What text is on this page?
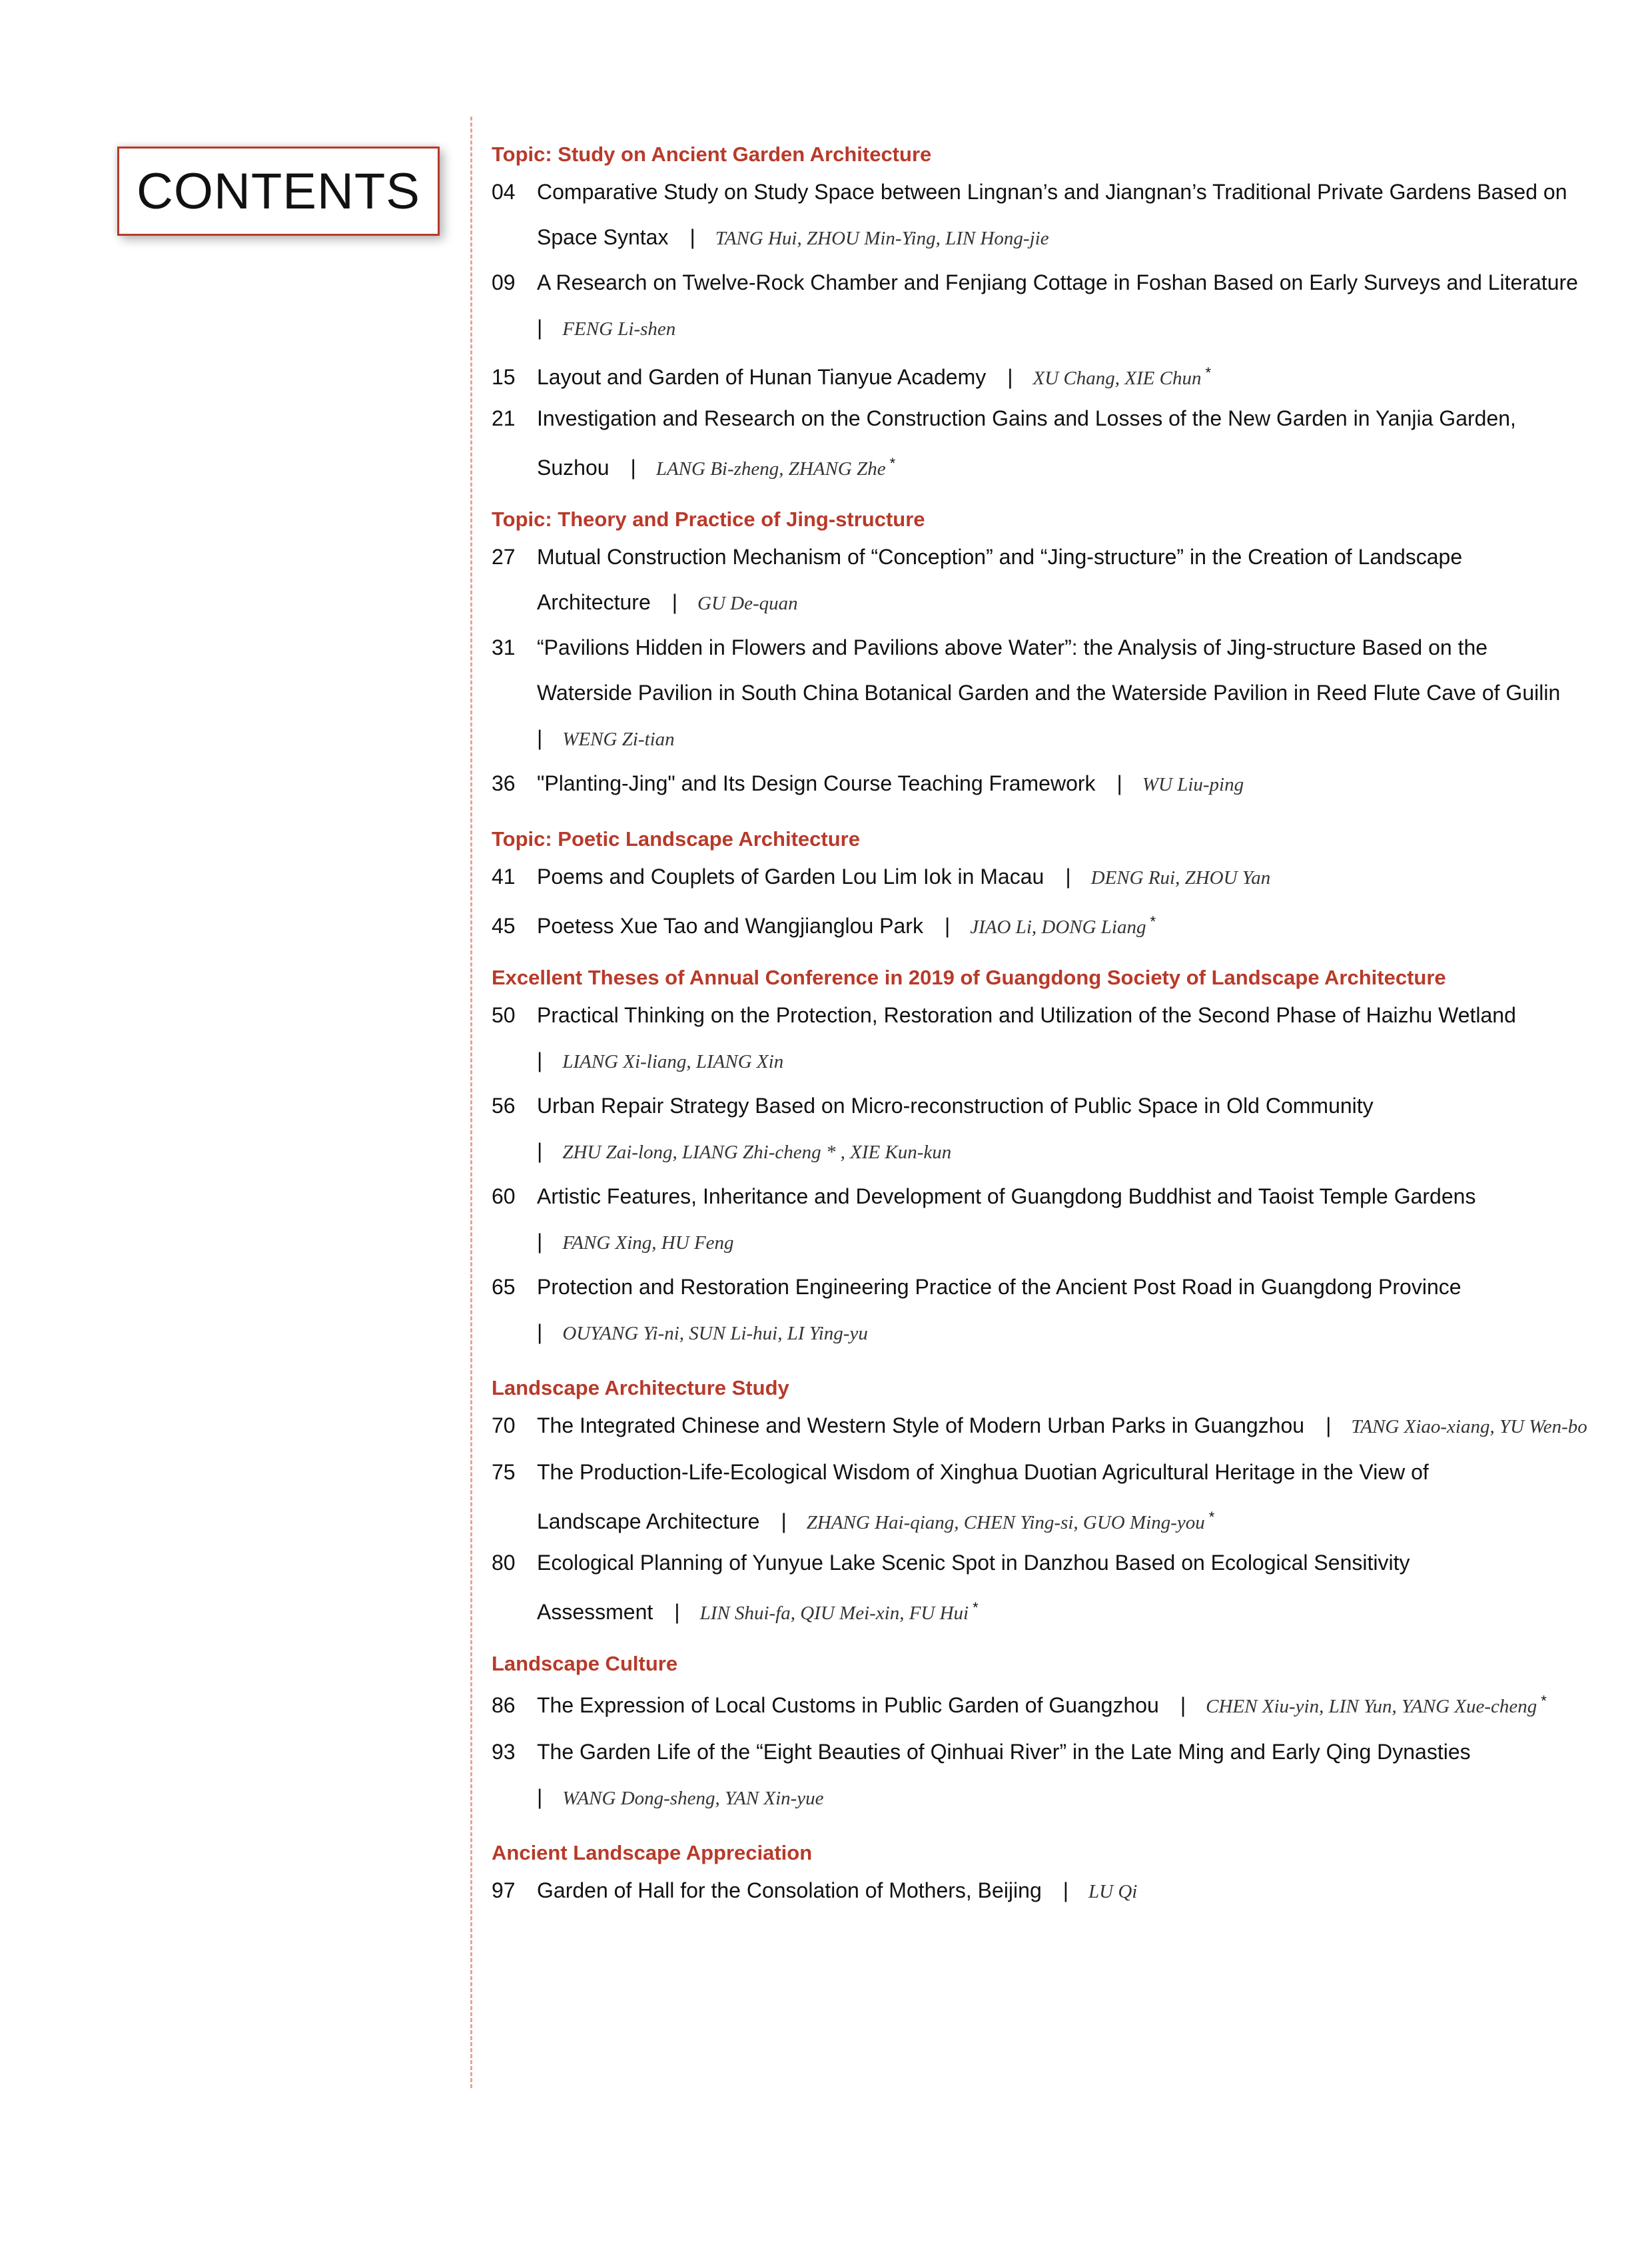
CONTENTS
Topic: Study on Ancient Garden Architecture
04 Comparative Study on Study Space between Lingnan’s and Jiangnan’s Traditional Private Gardens Based on
Space Syntax | TANG Hui, ZHOU Min-Ying, LIN Hong-jie
09 A Research on Twelve-Rock Chamber and Fenjiang Cottage in Foshan Based on Early Surveys and Literature
| FENG Li-shen
15 Layout and Garden of Hunan Tianyue Academy | XU Chang, XIE Chun *
21 Investigation and Research on the Construction Gains and Losses of the New Garden in Yanjia Garden,
Suzhou | LANG Bi-zheng, ZHANG Zhe *
Topic: Theory and Practice of Jing-structure
27 Mutual Construction Mechanism of “Conception” and “Jing-structure” in the Creation of Landscape
Architecture | GU De-quan
31 “Pavilions Hidden in Flowers and Pavilions above Water”: the Analysis of Jing-structure Based on the
Waterside Pavilion in South China Botanical Garden and the Waterside Pavilion in Reed Flute Cave of Guilin
| WENG Zi-tian
36 "Planting-Jing" and Its Design Course Teaching Framework | WU Liu-ping
Topic: Poetic Landscape Architecture
41 Poems and Couplets of Garden Lou Lim Iok in Macau | DENG Rui, ZHOU Yan
45 Poetess Xue Tao and Wangjianglou Park | JIAO Li, DONG Liang *
Excellent Theses of Annual Conference in 2019 of Guangdong Society of Landscape Architecture
50 Practical Thinking on the Protection, Restoration and Utilization of the Second Phase of Haizhu Wetland
| LIANG Xi-liang, LIANG Xin
56 Urban Repair Strategy Based on Micro-reconstruction of Public Space in Old Community
| ZHU Zai-long, LIANG Zhi-cheng * , XIE Kun-kun
60 Artistic Features, Inheritance and Development of Guangdong Buddhist and Taoist Temple Gardens
| FANG Xing, HU Feng
65 Protection and Restoration Engineering Practice of the Ancient Post Road in Guangdong Province
| OUYANG Yi-ni, SUN Li-hui, LI Ying-yu
Landscape Architecture Study
70 The Integrated Chinese and Western Style of Modern Urban Parks in Guangzhou | TANG Xiao-xiang, YU Wen-bo
75 The Production-Life-Ecological Wisdom of Xinghua Duotian Agricultural Heritage in the View of
Landscape Architecture | ZHANG Hai-qiang, CHEN Ying-si, GUO Ming-you *
80 Ecological Planning of Yunyue Lake Scenic Spot in Danzhou Based on Ecological Sensitivity
Assessment | LIN Shui-fa, QIU Mei-xin, FU Hui *
Landscape Culture
86 The Expression of Local Customs in Public Garden of Guangzhou | CHEN Xiu-yin, LIN Yun, YANG Xue-cheng *
93 The Garden Life of the “Eight Beauties of Qinhuai River” in the Late Ming and Early Qing Dynasties
| WANG Dong-sheng, YAN Xin-yue
Ancient Landscape Appreciation
97 Garden of Hall for the Consolation of Mothers, Beijing | LU Qi
